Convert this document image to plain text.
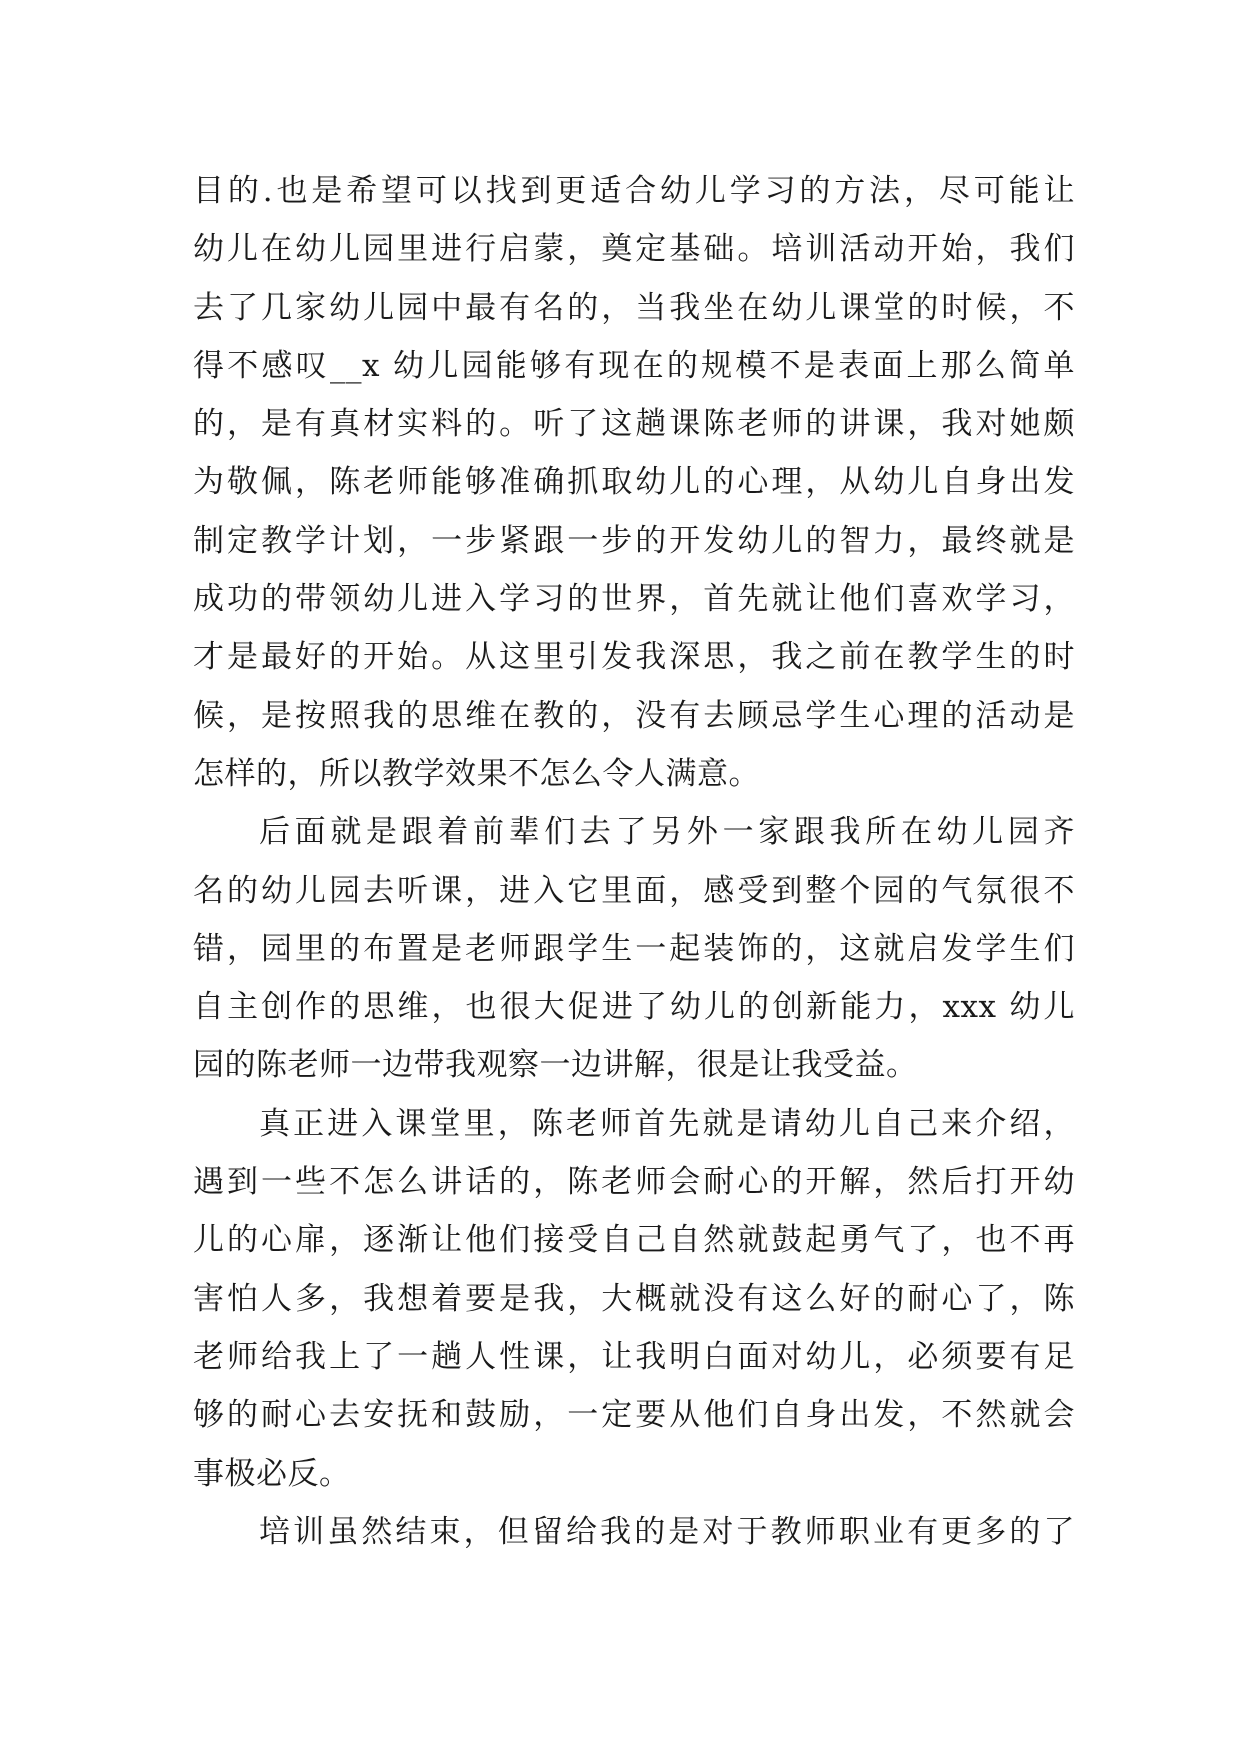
目的.也是希望可以找到更适合幼儿学习的方法，尽可能让
幼儿在幼儿园里进行启蒙，奠定基础。培训活动开始，我们
去了几家幼儿园中最有名的，当我坐在幼儿课堂的时候，不
得不感叹__x 幼儿园能够有现在的规模不是表面上那么简单
的，是有真材实料的。听了这趟课陈老师的讲课，我对她颇
为敬佩，陈老师能够准确抓取幼儿的心理，从幼儿自身出发
制定教学计划，一步紧跟一步的开发幼儿的智力，最终就是
成功的带领幼儿进入学习的世界，首先就让他们喜欢学习，
才是最好的开始。从这里引发我深思，我之前在教学生的时
候，是按照我的思维在教的，没有去顾忌学生心理的活动是
怎样的，所以教学效果不怎么令人满意。
后面就是跟着前辈们去了另外一家跟我所在幼儿园齐
名的幼儿园去听课，进入它里面，感受到整个园的气氛很不
错，园里的布置是老师跟学生一起装饰的，这就启发学生们
自主创作的思维，也很大促进了幼儿的创新能力，xxx 幼儿
园的陈老师一边带我观察一边讲解，很是让我受益。
真正进入课堂里，陈老师首先就是请幼儿自己来介绍，
遇到一些不怎么讲话的，陈老师会耐心的开解，然后打开幼
儿的心扉，逐渐让他们接受自己自然就鼓起勇气了，也不再
害怕人多，我想着要是我，大概就没有这么好的耐心了，陈
老师给我上了一趟人性课，让我明白面对幼儿，必须要有足
够的耐心去安抚和鼓励，一定要从他们自身出发，不然就会
事极必反。
培训虽然结束，但留给我的是对于教师职业有更多的了
